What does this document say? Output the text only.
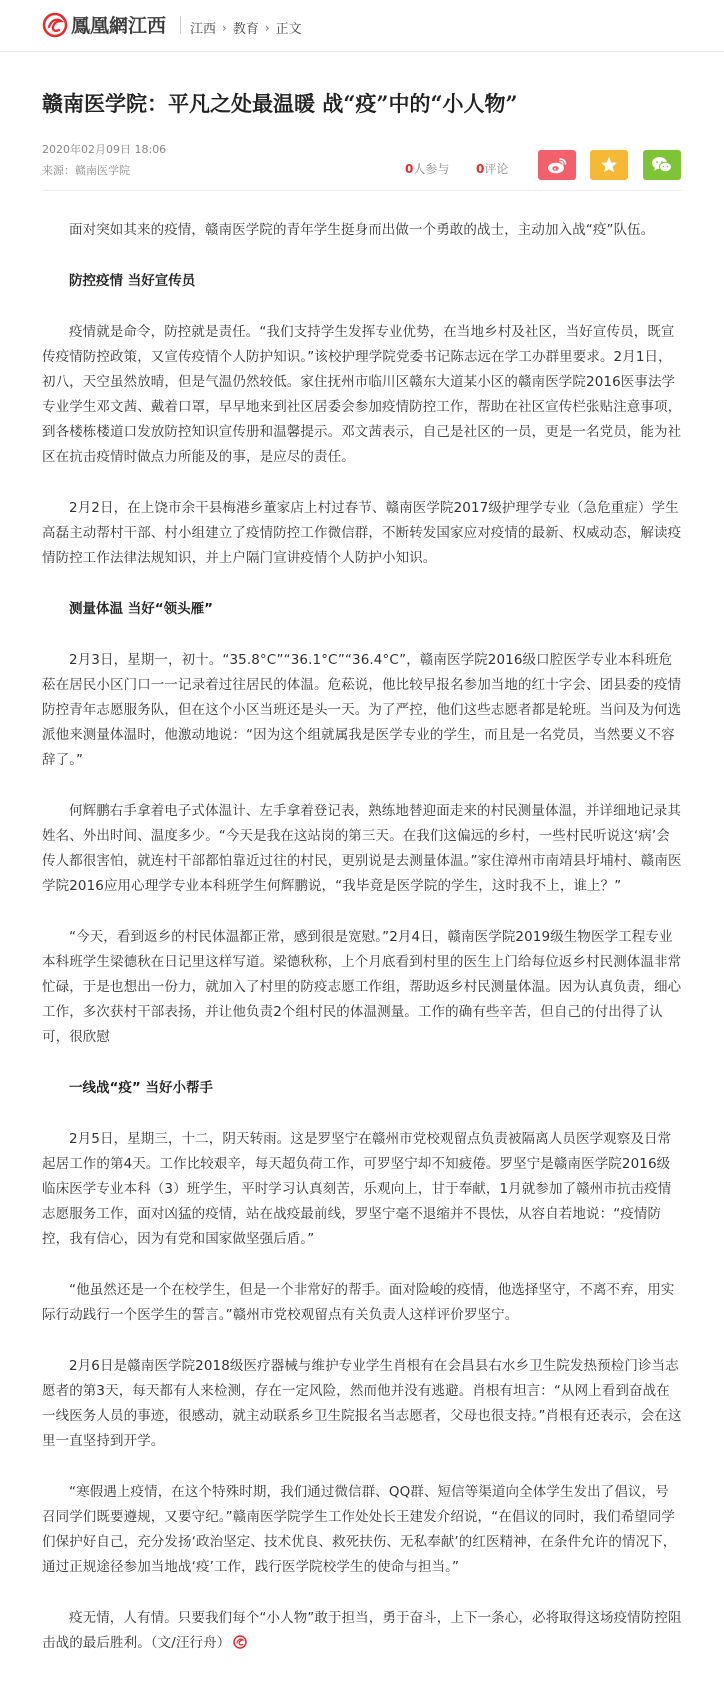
鳳凰網江西 江西 › 教育 › 正文
赣南医学院：平凡之处最温暖 战“疫”中的“小人物”
2020年02月09日 18:06
来源：赣南医学院	0人参与 0评论

面对突如其来的疫情，赣南医学院的青年学生挺身而出做一个勇敢的战士，主动加入战“疫”队伍。

防控疫情 当好宣传员

疫情就是命令，防控就是责任。“我们支持学生发挥专业优势，在当地乡村及社区，当好宣传员，既宣传疫情防控政策，又宣传疫情个人防护知识。”该校护理学院党委书记陈志远在学工办群里要求。2月1日，初八，天空虽然放晴，但是气温仍然较低。家住抚州市临川区赣东大道某小区的赣南医学院2016医事法学专业学生邓文茜、戴着口罩，早早地来到社区居委会参加疫情防控工作，帮助在社区宣传栏张贴注意事项，到各楼栋楼道口发放防控知识宣传册和温馨提示。邓文茜表示，自己是社区的一员，更是一名党员，能为社区在抗击疫情时做点力所能及的事，是应尽的责任。

2月2日，在上饶市余干县梅港乡董家店上村过春节、赣南医学院2017级护理学专业（急危重症）学生高磊主动帮村干部、村小组建立了疫情防控工作微信群，不断转发国家应对疫情的最新、权威动态，解读疫情防控工作法律法规知识，并上户隔门宣讲疫情个人防护小知识。

测量体温 当好“领头雁”

2月3日，星期一，初十。“35.8°C”“36.1°C”“36.4°C”，赣南医学院2016级口腔医学专业本科班危菘在居民小区门口一一记录着过往居民的体温。危菘说，他比较早报名参加当地的红十字会、团县委的疫情防控青年志愿服务队，但在这个小区当班还是头一天。为了严控，他们这些志愿者都是轮班。当问及为何选派他来测量体温时，他激动地说：“因为这个组就属我是医学专业的学生，而且是一名党员，当然要义不容辞了。”

何辉鹏右手拿着电子式体温计、左手拿着登记表，熟练地替迎面走来的村民测量体温，并详细地记录其姓名、外出时间、温度多少。“今天是我在这站岗的第三天。在我们这偏远的乡村，一些村民听说这‘病’会传人都很害怕，就连村干部都怕靠近过往的村民，更别说是去测量体温。”家住漳州市南靖县圩埔村、赣南医学院2016应用心理学专业本科班学生何辉鹏说，“我毕竟是医学院的学生，这时我不上，谁上？”

“今天，看到返乡的村民体温都正常，感到很是宽慰。”2月4日，赣南医学院2019级生物医学工程专业本科班学生梁德秋在日记里这样写道。梁德秋称，上个月底看到村里的医生上门给每位返乡村民测体温非常忙碌，于是也想出一份力，就加入了村里的防疫志愿工作组，帮助返乡村民测量体温。因为认真负责，细心工作，多次获村干部表扬，并让他负责2个组村民的体温测量。工作的确有些辛苦，但自己的付出得了认可，很欣慰

一线战“疫” 当好小帮手

2月5日，星期三，十二，阴天转雨。这是罗坚宁在赣州市党校观留点负责被隔离人员医学观察及日常起居工作的第4天。工作比较艰辛，每天超负荷工作，可罗坚宁却不知疲倦。罗坚宁是赣南医学院2016级临床医学专业本科（3）班学生，平时学习认真刻苦，乐观向上，甘于奉献，1月就参加了赣州市抗击疫情志愿服务工作，面对凶猛的疫情，站在战疫最前线，罗坚宁毫不退缩并不畏怯，从容自若地说：“疫情防控，我有信心，因为有党和国家做坚强后盾。”

“他虽然还是一个在校学生，但是一个非常好的帮手。面对险峻的疫情，他选择坚守，不离不弃，用实际行动践行一个医学生的誓言。”赣州市党校观留点有关负责人这样评价罗坚宁。

2月6日是赣南医学院2018级医疗器械与维护专业学生肖根有在会昌县右水乡卫生院发热预检门诊当志愿者的第3天，每天都有人来检测，存在一定风险，然而他并没有逃避。肖根有坦言：“从网上看到奋战在一线医务人员的事迹，很感动，就主动联系乡卫生院报名当志愿者，父母也很支持。”肖根有还表示，会在这里一直坚持到开学。

“寒假遇上疫情，在这个特殊时期，我们通过微信群、QQ群、短信等渠道向全体学生发出了倡议，号召同学们既要遵规，又要守纪。”赣南医学院学生工作处处长王建发介绍说，“在倡议的同时，我们希望同学们保护好自己，充分发扬‘政治坚定、技术优良、救死扶伤、无私奉献’的红医精神，在条件允许的情况下，通过正规途径参加当地战‘疫’工作，践行医学院校学生的使命与担当。”

疫无情，人有情。只要我们每个“小人物”敢于担当，勇于奋斗，上下一条心，必将取得这场疫情防控阻击战的最后胜利。（文/汪行舟）
